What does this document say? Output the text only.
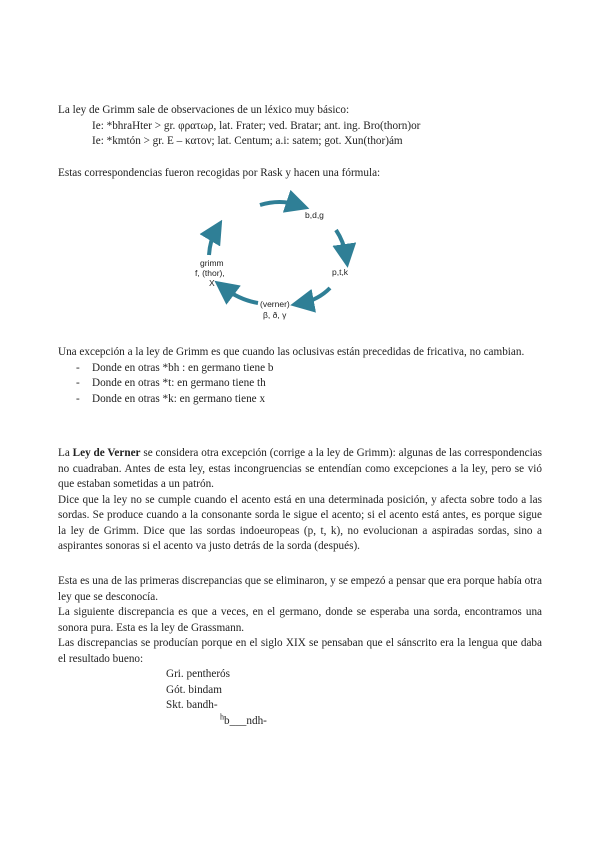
La ley de Grimm sale de observaciones de un léxico muy básico:
Ie: *bhraHter > gr. φρατωρ, lat. Frater; ved. Bratar; ant. ing. Bro(thorn)or
Ie: *kmtón > gr. E – κατον; lat. Centum; a.i: satem; got. Xun(thor)ám
Estas correspondencias fueron recogidas por Rask y hacen una fórmula:
b,d,g
p,t,k
(verner)
β, ð, γ
grimm
f, (thor),
X
Una excepción a la ley de Grimm es que cuando las oclusivas están precedidas de fricativa, no cambian.
- Donde en otras *bh : en germano tiene b
- Donde en otras *t: en germano tiene th
- Donde en otras *k: en germano tiene x
La Ley de Verner se considera otra excepción (corrige a la ley de Grimm): algunas de las correspondencias no cuadraban. Antes de esta ley, estas incongruencias se entendían como excepciones a la ley, pero se vió que estaban sometidas a un patrón.
Dice que la ley no se cumple cuando el acento está en una determinada posición, y afecta sobre todo a las sordas. Se produce cuando a la consonante sorda le sigue el acento; si el acento está antes, es porque sigue la ley de Grimm. Dice que las sordas indoeuropeas (p, t, k), no evolucionan a aspiradas sordas, sino a aspirantes sonoras si el acento va justo detrás de la sorda (después).
Esta es una de las primeras discrepancias que se eliminaron, y se empezó a pensar que era porque había otra ley que se desconocía.
La siguiente discrepancia es que a veces, en el germano, donde se esperaba una sorda, encontramos una sonora pura. Esta es la ley de Grassmann.
Las discrepancias se producían porque en el siglo XIX se pensaban que el sánscrito era la lengua que daba el resultado bueno:
Gri. pentherós
Gót. bindam
Skt. bandh-
$^h$b___ndh-
